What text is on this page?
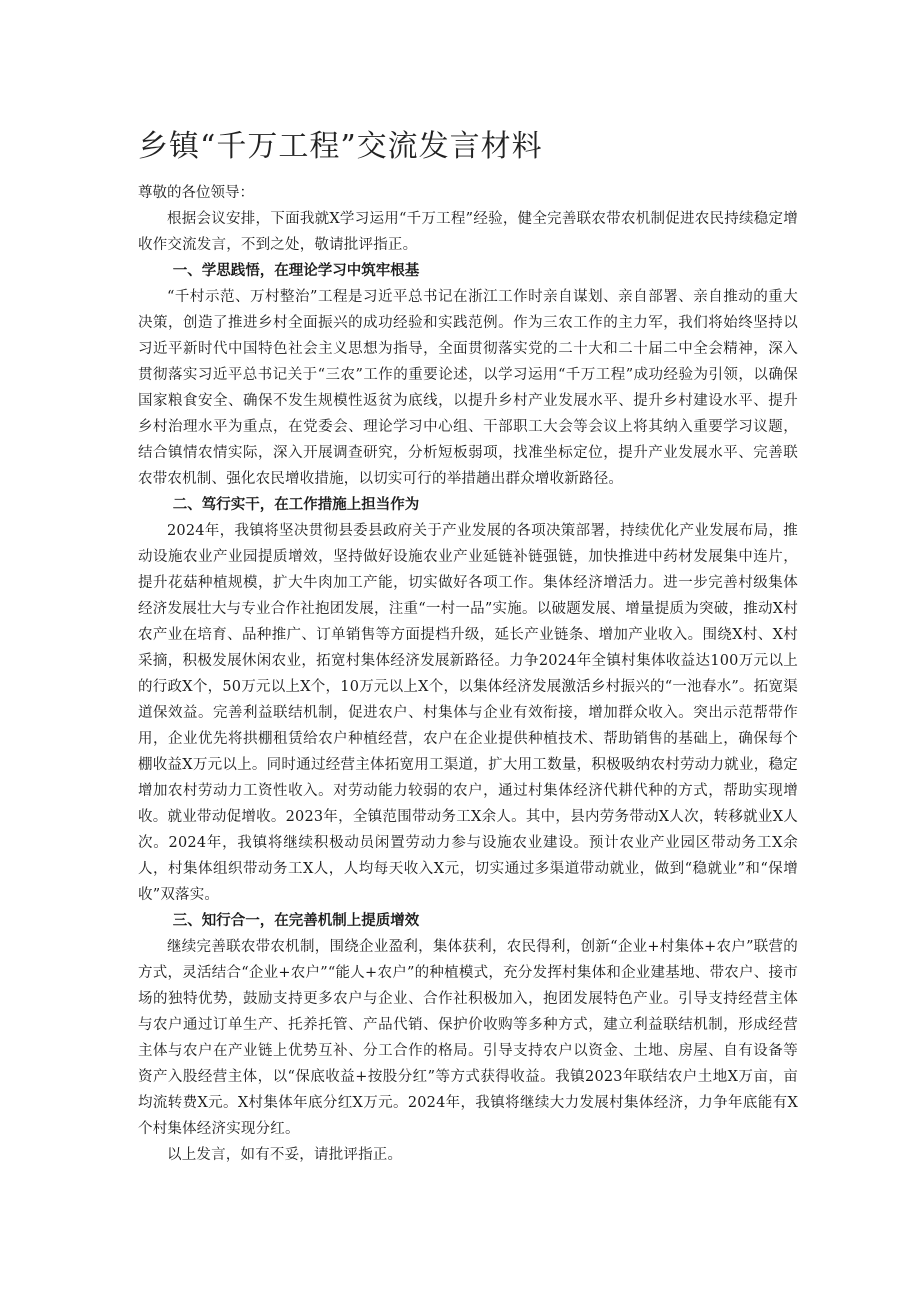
乡镇“千万工程”交流发言材料

尊敬的各位领导：

根据会议安排，下面我就X学习运用“千万工程”经验，健全完善联农带农机制促进农民持续稳定增收作交流发言，不到之处，敬请批评指正。

一、学思践悟，在理论学习中筑牢根基

“千村示范、万村整治”工程是习近平总书记在浙江工作时亲自谋划、亲自部署、亲自推动的重大决策，创造了推进乡村全面振兴的成功经验和实践范例。作为三农工作的主力军，我们将始终坚持以习近平新时代中国特色社会主义思想为指导，全面贯彻落实党的二十大和二十届二中全会精神，深入贯彻落实习近平总书记关于“三农”工作的重要论述，以学习运用“千万工程”成功经验为引领，以确保国家粮食安全、确保不发生规模性返贫为底线，以提升乡村产业发展水平、提升乡村建设水平、提升乡村治理水平为重点，在党委会、理论学习中心组、干部职工大会等会议上将其纳入重要学习议题，结合镇情农情实际，深入开展调查研究，分析短板弱项，找准坐标定位，提升产业发展水平、完善联农带农机制、强化农民增收措施，以切实可行的举措趟出群众增收新路径。

二、笃行实干，在工作措施上担当作为

2024年，我镇将坚决贯彻县委县政府关于产业发展的各项决策部署，持续优化产业发展布局，推动设施农业产业园提质增效，坚持做好设施农业产业延链补链强链，加快推进中药材发展集中连片，提升花菇种植规模，扩大牛肉加工产能，切实做好各项工作。集体经济增活力。进一步完善村级集体经济发展壮大与专业合作社抱团发展，注重“一村一品”实施。以破题发展、增量提质为突破，推动X村农产业在培育、品种推广、订单销售等方面提档升级，延长产业链条、增加产业收入。围绕X村、X村采摘，积极发展休闲农业，拓宽村集体经济发展新路径。力争2024年全镇村集体收益达100万元以上的行政X个，50万元以上X个，10万元以上X个，以集体经济发展激活乡村振兴的“一池春水”。拓宽渠道保效益。完善利益联结机制，促进农户、村集体与企业有效衔接，增加群众收入。突出示范帮带作用，企业优先将拱棚租赁给农户种植经营，农户在企业提供种植技术、帮助销售的基础上，确保每个棚收益X万元以上。同时通过经营主体拓宽用工渠道，扩大用工数量，积极吸纳农村劳动力就业，稳定增加农村劳动力工资性收入。对劳动能力较弱的农户，通过村集体经济代耕代种的方式，帮助实现增收。就业带动促增收。2023年，全镇范围带动务工X余人。其中，县内劳务带动X人次，转移就业X人次。2024年，我镇将继续积极动员闲置劳动力参与设施农业建设。预计农业产业园区带动务工X余人，村集体组织带动务工X人，人均每天收入X元，切实通过多渠道带动就业，做到“稳就业”和“保增收”双落实。

三、知行合一，在完善机制上提质增效

继续完善联农带农机制，围绕企业盈利，集体获利，农民得利，创新“企业+村集体+农户”联营的方式，灵活结合“企业+农户”“能人+农户”的种植模式，充分发挥村集体和企业建基地、带农户、接市场的独特优势，鼓励支持更多农户与企业、合作社积极加入，抱团发展特色产业。引导支持经营主体与农户通过订单生产、托养托管、产品代销、保护价收购等多种方式，建立利益联结机制，形成经营主体与农户在产业链上优势互补、分工合作的格局。引导支持农户以资金、土地、房屋、自有设备等资产入股经营主体，以“保底收益+按股分红”等方式获得收益。我镇2023年联结农户土地X万亩，亩均流转费X元。X村集体年底分红X万元。2024年，我镇将继续大力发展村集体经济，力争年底能有X个村集体经济实现分红。

以上发言，如有不妥，请批评指正。
